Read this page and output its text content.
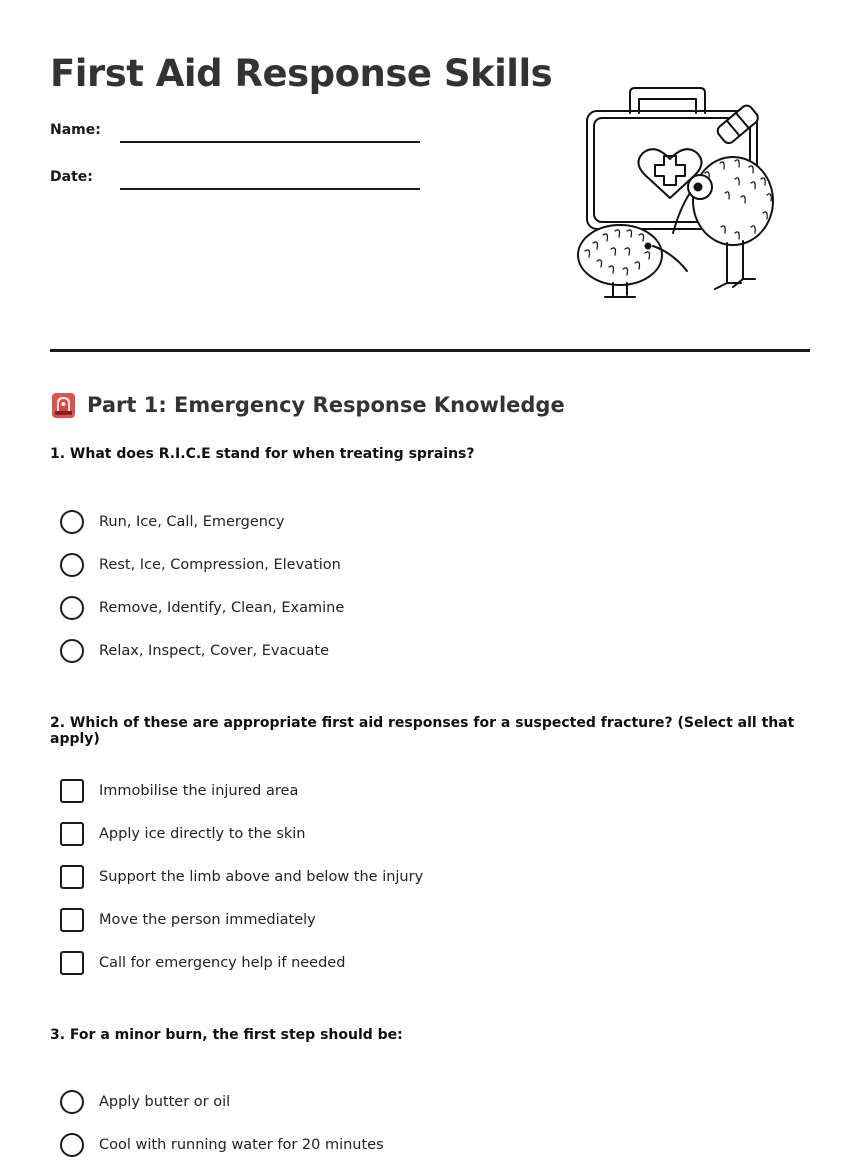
First Aid Response Skills
Name:
Date:
Part 1: Emergency Response Knowledge
1. What does R.I.C.E stand for when treating sprains?
Run, Ice, Call, Emergency
Rest, Ice, Compression, Elevation
Remove, Identify, Clean, Examine
Relax, Inspect, Cover, Evacuate
2. Which of these are appropriate first aid responses for a suspected fracture? (Select all that apply)
Immobilise the injured area
Apply ice directly to the skin
Support the limb above and below the injury
Move the person immediately
Call for emergency help if needed
3. For a minor burn, the first step should be:
Apply butter or oil
Cool with running water for 20 minutes
